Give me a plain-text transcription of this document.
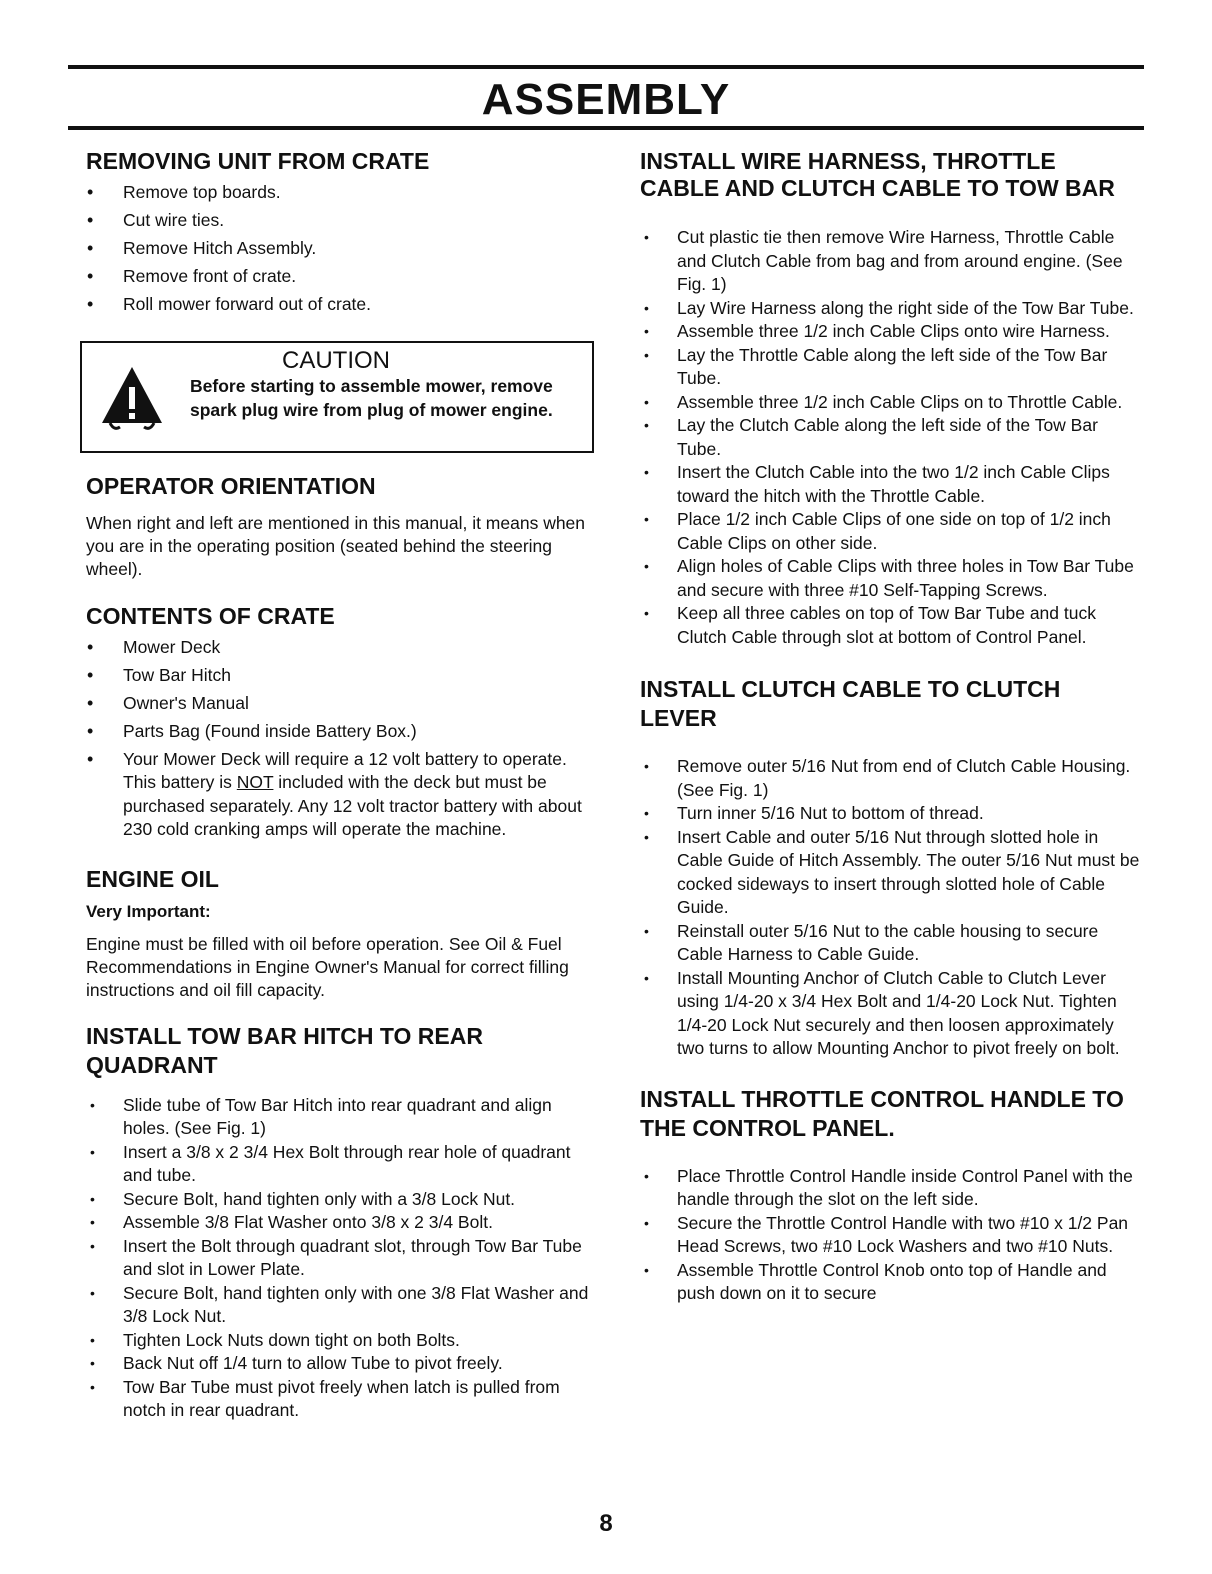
ASSEMBLY
REMOVING UNIT FROM CRATE
• Remove top boards.
• Cut wire ties.
• Remove Hitch Assembly.
• Remove front of crate.
• Roll mower forward out of crate.
CAUTION
Before starting to assemble mower, remove spark plug wire from plug of mower engine.
OPERATOR ORIENTATION

When right and left are mentioned in this manual, it means when you are in the operating position (seated behind the steering wheel).

CONTENTS OF CRATE
• Mower Deck
• Tow Bar Hitch
• Owner's Manual
• Parts Bag (Found inside Battery Box.)
• Your Mower Deck will require a 12 volt battery to operate. This battery is NOT included with the deck but must be purchased separately. Any 12 volt tractor battery with about 230 cold cranking amps will operate the machine.
ENGINE OIL
Very Important:

Engine must be filled with oil before operation. See Oil & Fuel Recommendations in Engine Owner's Manual for correct filling instructions and oil fill capacity.

INSTALL TOW BAR HITCH TO REAR QUADRANT
• Slide tube of Tow Bar Hitch into rear quadrant and align holes. (See Fig. 1)
• Insert a 3/8 x 2 3/4 Hex Bolt through rear hole of quadrant and tube.
• Secure Bolt, hand tighten only with a 3/8 Lock Nut.
• Assemble 3/8 Flat Washer onto 3/8 x 2 3/4 Bolt.
• Insert the Bolt through quadrant slot, through Tow Bar Tube and slot in Lower Plate.
• Secure Bolt, hand tighten only with one 3/8 Flat Washer and 3/8 Lock Nut.
• Tighten Lock Nuts down tight on both Bolts.
• Back Nut off 1/4 turn to allow Tube to pivot freely.
• Tow Bar Tube must pivot freely when latch is pulled from notch in rear quadrant.
INSTALL WIRE HARNESS, THROTTLE CABLE AND CLUTCH CABLE TO TOW BAR
• Cut plastic tie then remove Wire Harness, Throttle Cable and Clutch Cable from bag and from around engine. (See Fig. 1)
• Lay Wire Harness along the right side of the Tow Bar Tube.
• Assemble three 1/2 inch Cable Clips onto wire Harness.
• Lay the Throttle Cable along the left side of the Tow Bar Tube.
• Assemble three 1/2 inch Cable Clips on to Throttle Cable.
• Lay the Clutch Cable along the left side of the Tow Bar Tube.
• Insert the Clutch Cable into the two 1/2 inch Cable Clips toward the hitch with the Throttle Cable.
• Place 1/2 inch Cable Clips of one side on top of 1/2 inch Cable Clips on other side.
• Align holes of Cable Clips with three holes in Tow Bar Tube and secure with three #10 Self-Tapping Screws.
• Keep all three cables on top of Tow Bar Tube and tuck Clutch Cable through slot at bottom of Control Panel.
INSTALL CLUTCH CABLE TO CLUTCH LEVER
• Remove outer 5/16 Nut from end of Clutch Cable Housing. (See Fig. 1)
• Turn inner 5/16 Nut to bottom of thread.
• Insert Cable and outer 5/16 Nut through slotted hole in Cable Guide of Hitch Assembly. The outer 5/16 Nut must be cocked sideways to insert through slotted hole of Cable Guide.
• Reinstall outer 5/16 Nut to the cable housing to secure Cable Harness to Cable Guide.
• Install Mounting Anchor of Clutch Cable to Clutch Lever using 1/4-20 x 3/4 Hex Bolt and 1/4-20 Lock Nut. Tighten 1/4-20 Lock Nut securely and then loosen approximately two turns to allow Mounting Anchor to pivot freely on bolt.
INSTALL THROTTLE CONTROL HANDLE TO THE CONTROL PANEL.
• Place Throttle Control Handle inside Control Panel with the handle through the slot on the left side.
• Secure the Throttle Control Handle with two #10 x 1/2 Pan Head Screws, two #10 Lock Washers and two #10 Nuts.
• Assemble Throttle Control Knob onto top of Handle and push down on it to secure
8
